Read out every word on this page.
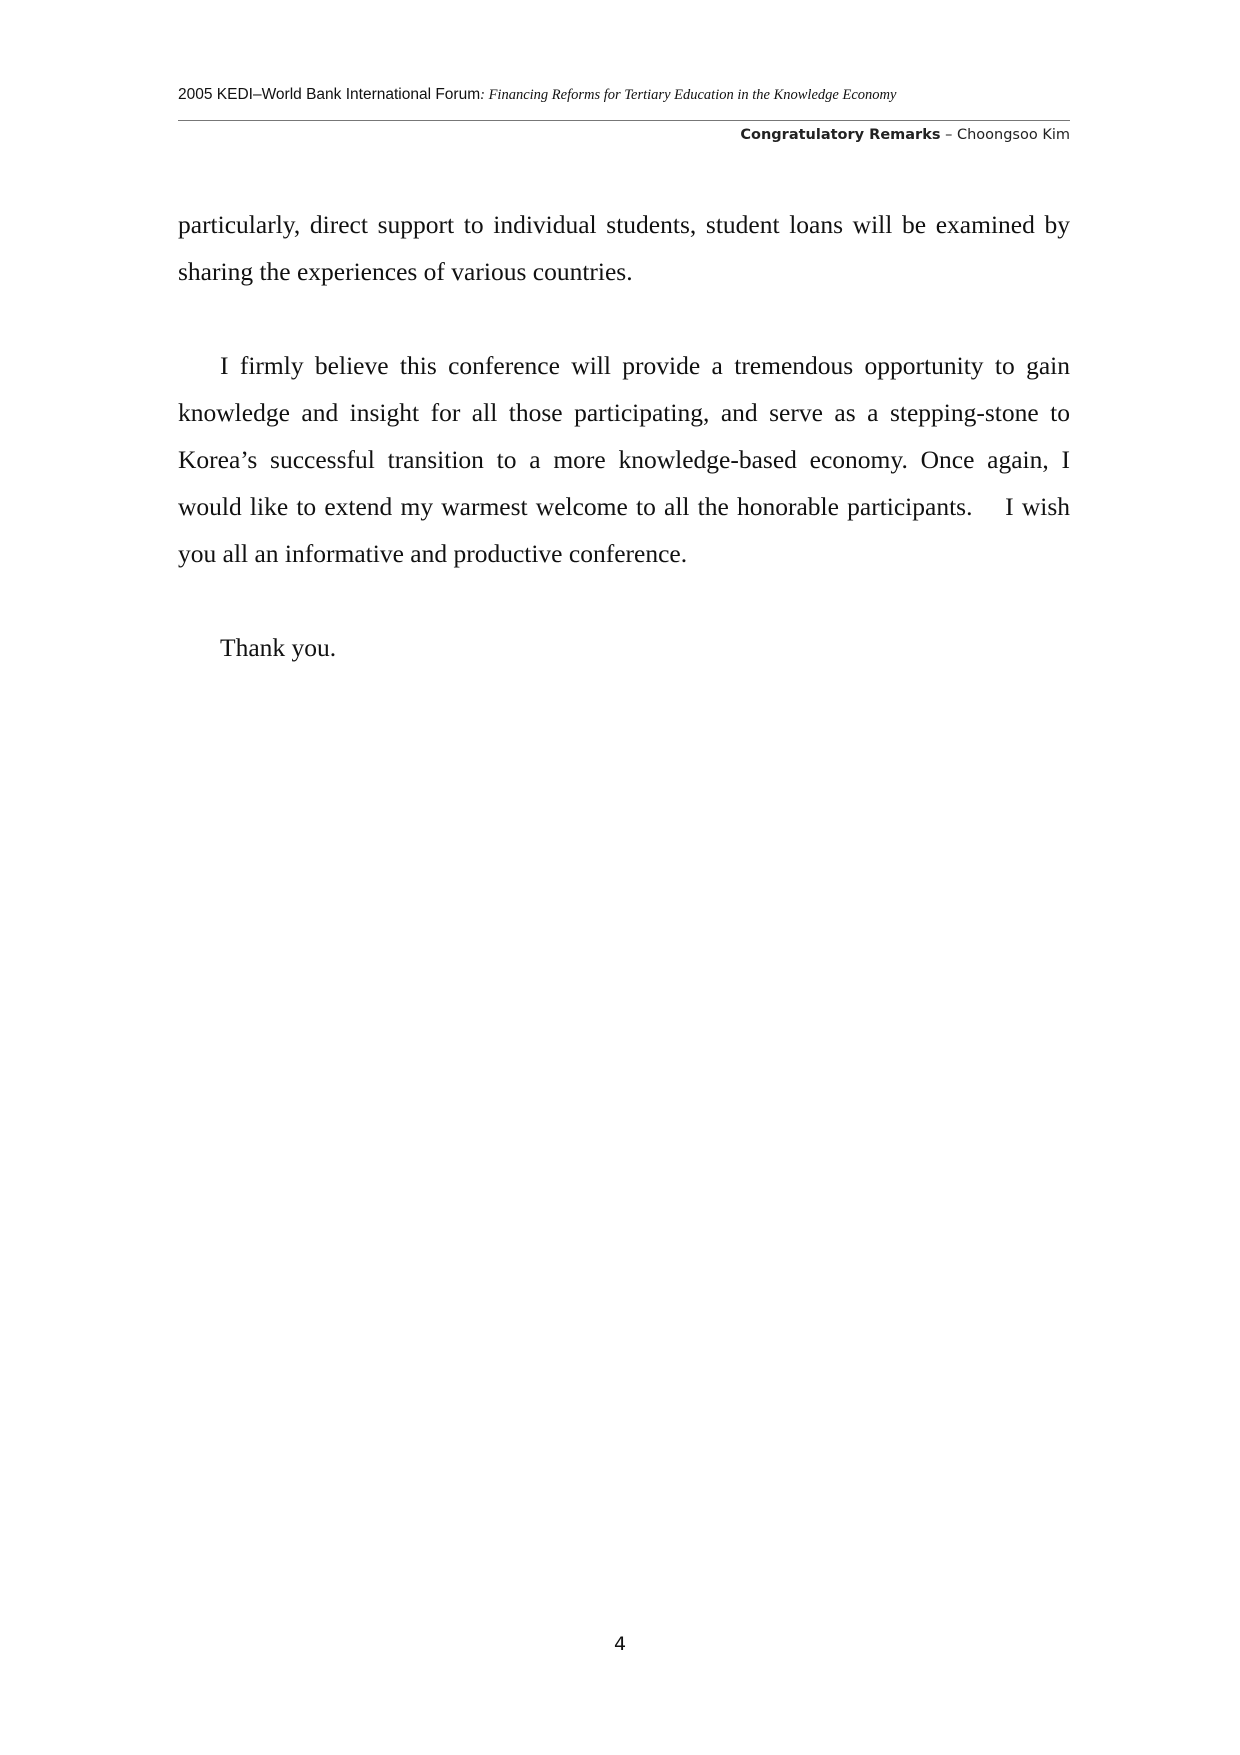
2005 KEDI–World Bank International Forum: Financing Reforms for Tertiary Education in the Knowledge Economy
Congratulatory Remarks – Choongsoo Kim

particularly, direct support to individual students, student loans will be examined by sharing the experiences of various countries.

I firmly believe this conference will provide a tremendous opportunity to gain knowledge and insight for all those participating, and serve as a stepping-stone to Korea’s successful transition to a more knowledge-based economy. Once again, I would like to extend my warmest welcome to all the honorable participants.    I wish you all an informative and productive conference.

Thank you.

4
